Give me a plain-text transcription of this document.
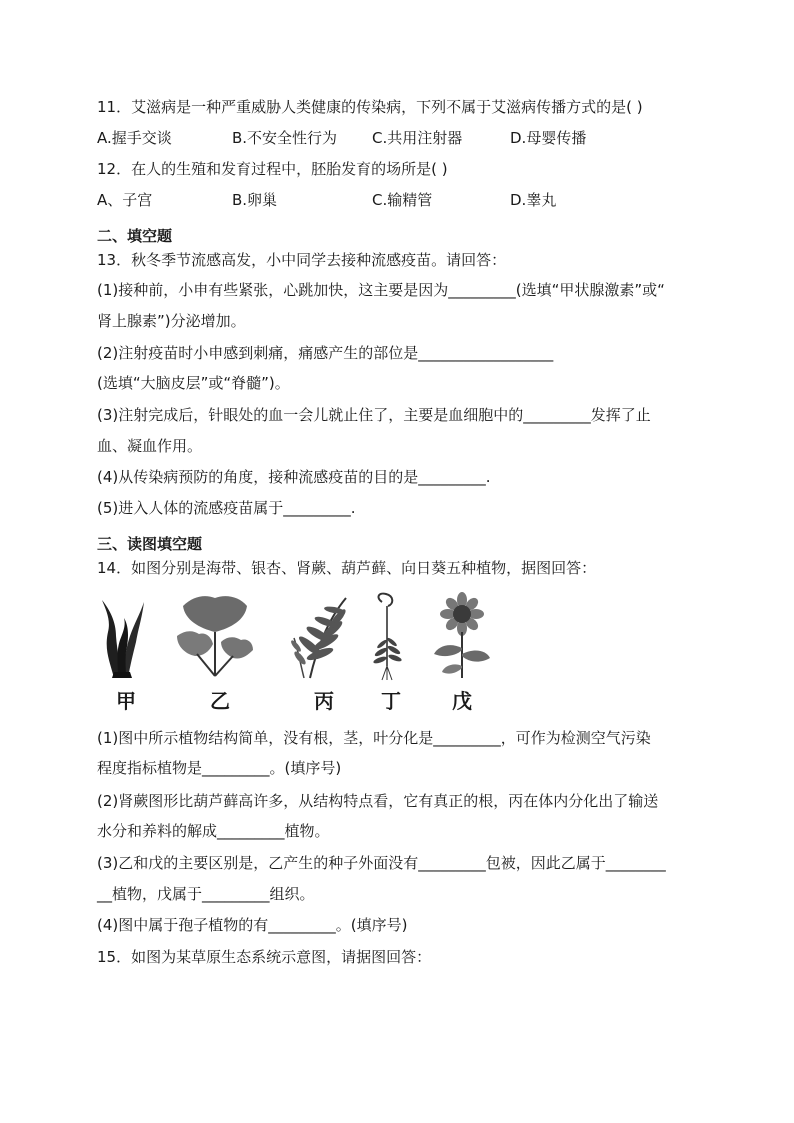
11．艾滋病是一种严重威胁人类健康的传染病，下列不属于艾滋病传播方式的是( )
A.握手交谈	B.不安全性行为 C.共用注射器	D.母婴传播
12．在人的生殖和发育过程中，胚胎发育的场所是( )
A、子宫	B.卵巢	C.输精管	D.睾丸
二、填空题
13．秋冬季节流感高发，小中同学去接种流感疫苗。请回答：
(1)接种前，小申有些紧张，心跳加快，这主要是因为_________(选填“甲状腺激素”或“
肾上腺素”)分泌增加。
(2)注射疫苗时小申感到刺痛，痛感产生的部位是__________________
(选填“大脑皮层”或“脊髓”)。
(3)注射完成后，针眼处的血一会儿就止住了，主要是血细胞中的_________发挥了止
血、凝血作用。
(4)从传染病预防的角度，接种流感疫苗的目的是_________.
(5)进入人体的流感疫苗属于_________.
三、读图填空题
14．如图分别是海带、银杏、肾蕨、葫芦藓、向日葵五种植物，据图回答：
甲	乙	丙 丁	戊
(1)图中所示植物结构简单，没有根，茎，叶分化是_________，可作为检测空气污染
程度指标植物是_________。(填序号)
(2)肾蕨图形比葫芦藓高许多，从结构特点看，它有真正的根，丙在体内分化出了输送
水分和养料的解成_________植物。
(3)乙和戊的主要区别是，乙产生的种子外面没有_________包被，因此乙属于________
__植物，戊属于_________组织。
(4)图中属于孢子植物的有_________。(填序号)
15．如图为某草原生态系统示意图，请据图回答：
